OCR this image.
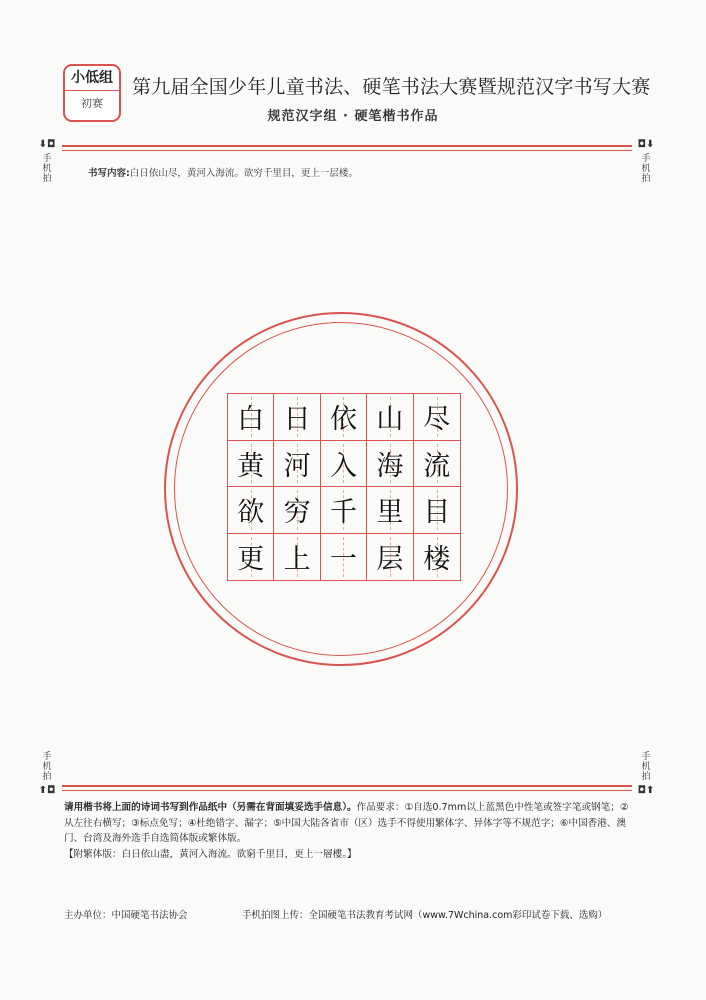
小低组
初赛
第九届全国少年儿童书法、硬笔书法大赛暨规范汉字书写大赛
规范汉字组 · 硬笔楷书作品
⬇◘
手机拍
◘⬇
手机拍
书写内容:白日依山尽，黄河入海流。欲穷千里目，更上一层楼。
白 日 依 山 尽
黄 河 入 海 流
欲 穷 千 里 目
更 上 一 层 楼
手机拍
⬆◘
手机拍
◘⬆
请用楷书将上面的诗词书写到作品纸中（另需在背面填妥选手信息）。作品要求：①自选0.7mm以上蓝黑色中性笔或签字笔或钢笔；②从左往右横写；③标点免写；④杜绝错字、漏字；⑤中国大陆各省市（区）选手不得使用繁体字、异体字等不规范字；⑥中国香港、澳门、台湾及海外选手自选简体版或繁体版。
【附繁体版：白日依山盡，黃河入海流。欲窮千里目，更上一層樓。】
主办单位：中国硬笔书法协会	手机拍图上传：全国硬笔书法教育考试网（www.7Wchina.com彩印试卷下载、选购）
